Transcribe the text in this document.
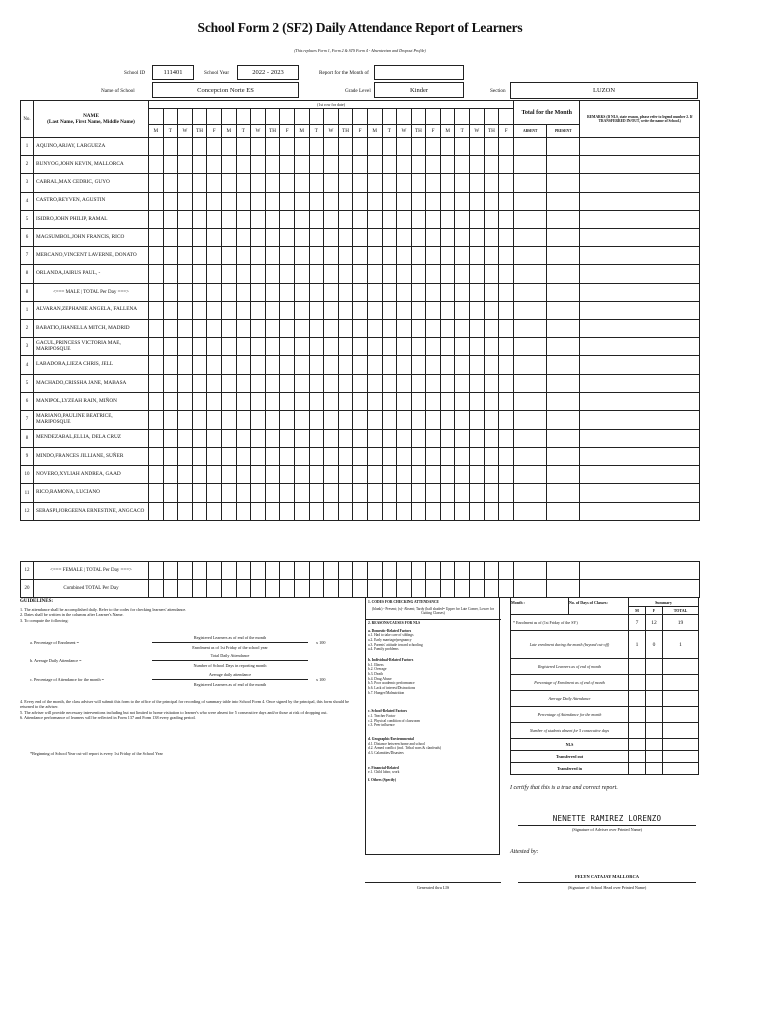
School Form 2 (SF2) Daily Attendance Report of Learners
(This replaces Form 1, Form 2 & STS Form 4 - Absenteeism and Dropout Profile)
School ID	111401	School Year	2022 - 2023	Report for the Month of
Name of School	Concepcion Norte ES	Grade Level	Kinder	Section	LUZON
No.	NAME
(Last Name, First Name, Middle Name)	(1st row for date)																									Total for the Month		REMARKS (If NLS, state reason, please refer to legend number 2. If TRANSFERRED IN/OUT, write the name of School.)

		M	T	W	TH	F	M	T	W	TH	F	M	T	W	TH	F	M	T	W	TH	F	M	T	W	TH	F	ABSENT	PRESENT	
1	AQUINO,ARJAY, LARGUEZA																												
2	BUNYOG,JOHN KEVIN, MALLORCA																												
3	CABRAL,MAX CEDRIC, GUYO																												
4	CASTRO,REYVEN, AGUSTIN																												
5	ISIDRO,JOHN PHILIP, RAMAL																												
6	MAGSUMBOL,JOHN FRANCIS, RICO																												
7	MERCANO,VINCENT LAVERNE, DONATO																												
8	ORLANDA,JAIRUS PAUL, -																												
8	<=== MALE | TOTAL Per Day ===>																												
1	ALVARAN,ZEPHANIE ANGELA, FALLENA																												
2	BABATIO,JHANELLA MITCH, MADRID																												
3	GACUL,PRINCESS VICTORIA MAE, MARIPOSQUE																												
4	LABADORA,LIEZA CHRIS, JELL																												
5	MACHADO,CRISSHA JANE, MABASA																												
6	MANIPOL,LYZEAH RAIN, MIÑON																												
7	MARIANO,PAULINE BEATRICE, MARIPOSQUE																												
8	MENDEZABAL,ELLIA, DELA CRUZ																												
9	MINDO,FRANCES JILLIANE, SUÑER																												
10	NOVERO,XYLIAH ANDREA, GAAD																												
11	RICO,RAMONA, LUCIANO																												
12	SERASPI,JORGEENA ERNESTINE, ANGCACO																												
12	<=== FEMALE | TOTAL Per Day ===>																												
20	Combined TOTAL Per Day																												
GUIDELINES:
1. The attendance shall be accomplished daily. Refer to the codes for checking learners' attendance.
2. Dates shall be written in the columns after Learner's Name.
3. To compute the following:
a. Percentage of Enrolment =
Registered Learners as of end of the month
Enrolment as of 1st Friday of the school year
x 100
b. Average Daily Attendance =
Total Daily Attendance
Number of School Days in reporting month
c. Percentage of Attendance for the month =
Average daily attendance
Registered Learners as of end of the month
x 100
4. Every end of the month, the class adviser will submit this form to the office of the principal for recording of summary table into School Form 4. Once signed by the principal, this form should be returned to the adviser.
5. The adviser will provide necessary interventions including but not limited to home visitation to learner's who were absent for 5 consecutive days and/or those at risk of dropping out.
6. Attendance performance of learners will be reflected in Form 137 and Form 138 every grading period.
*Beginning of School Year cut-off report is every 1st Friday of the School Year
1. CODES FOR CHECKING ATTENDANCE
(blank) - Present; (x)- Absent; Tardy (half shaded= Upper for Late Comer, Lower for Cutting Classes)
2. REASONS/CAUSES FOR NLS
a. Domestic-Related Factors
a.1. Had to take care of siblings
a.2. Early marriage/pregnancy
a.3. Parents' attitude toward schooling
a.4. Family problems
b. Individual-Related Factors
b.1. Illness
b.2. Overage
b.3. Death
b.4. Drug Abuse
b.5. Poor academic performance
b.6. Lack of interest/Distractions
b.7. Hunger/Malnutrition
c. School-Related Factors
c.1. Teacher Factor
c.2. Physical condition of classroom
c.3. Peer influence
d. Geographic/Environmental
d.1. Distance between home and school
d.2. Armed conflict (incl. Tribal wars & clanfeuds)
d.3. Calamities/Disasters
e. Financial-Related
e.1. Child labor, work
f. Others (Specify)
Generated thru LIS
Month :	No. of Days of Classes:	Summary		
		M	F	TOTAL
* Enrolment as of (1st Friday of the SY)		7	12	19
Late enrolment during the month (beyond cut-off)		1	0	1
Registered Learners as of end of month				
Percentage of Enrolment as of end of month				
Average Daily Attendance				
Percentage of Attendance for the month				
Number of students absent for 5 consecutive days				
NLS				
Transferred out				
Transferred in				
I certify that this is a true and correct report.
NENETTE RAMIREZ LORENZO
(Signature of Adviser over Printed Name)
Attested by:
FELYN CATAJAY MALLORCA
(Signature of School Head over Printed Name)
